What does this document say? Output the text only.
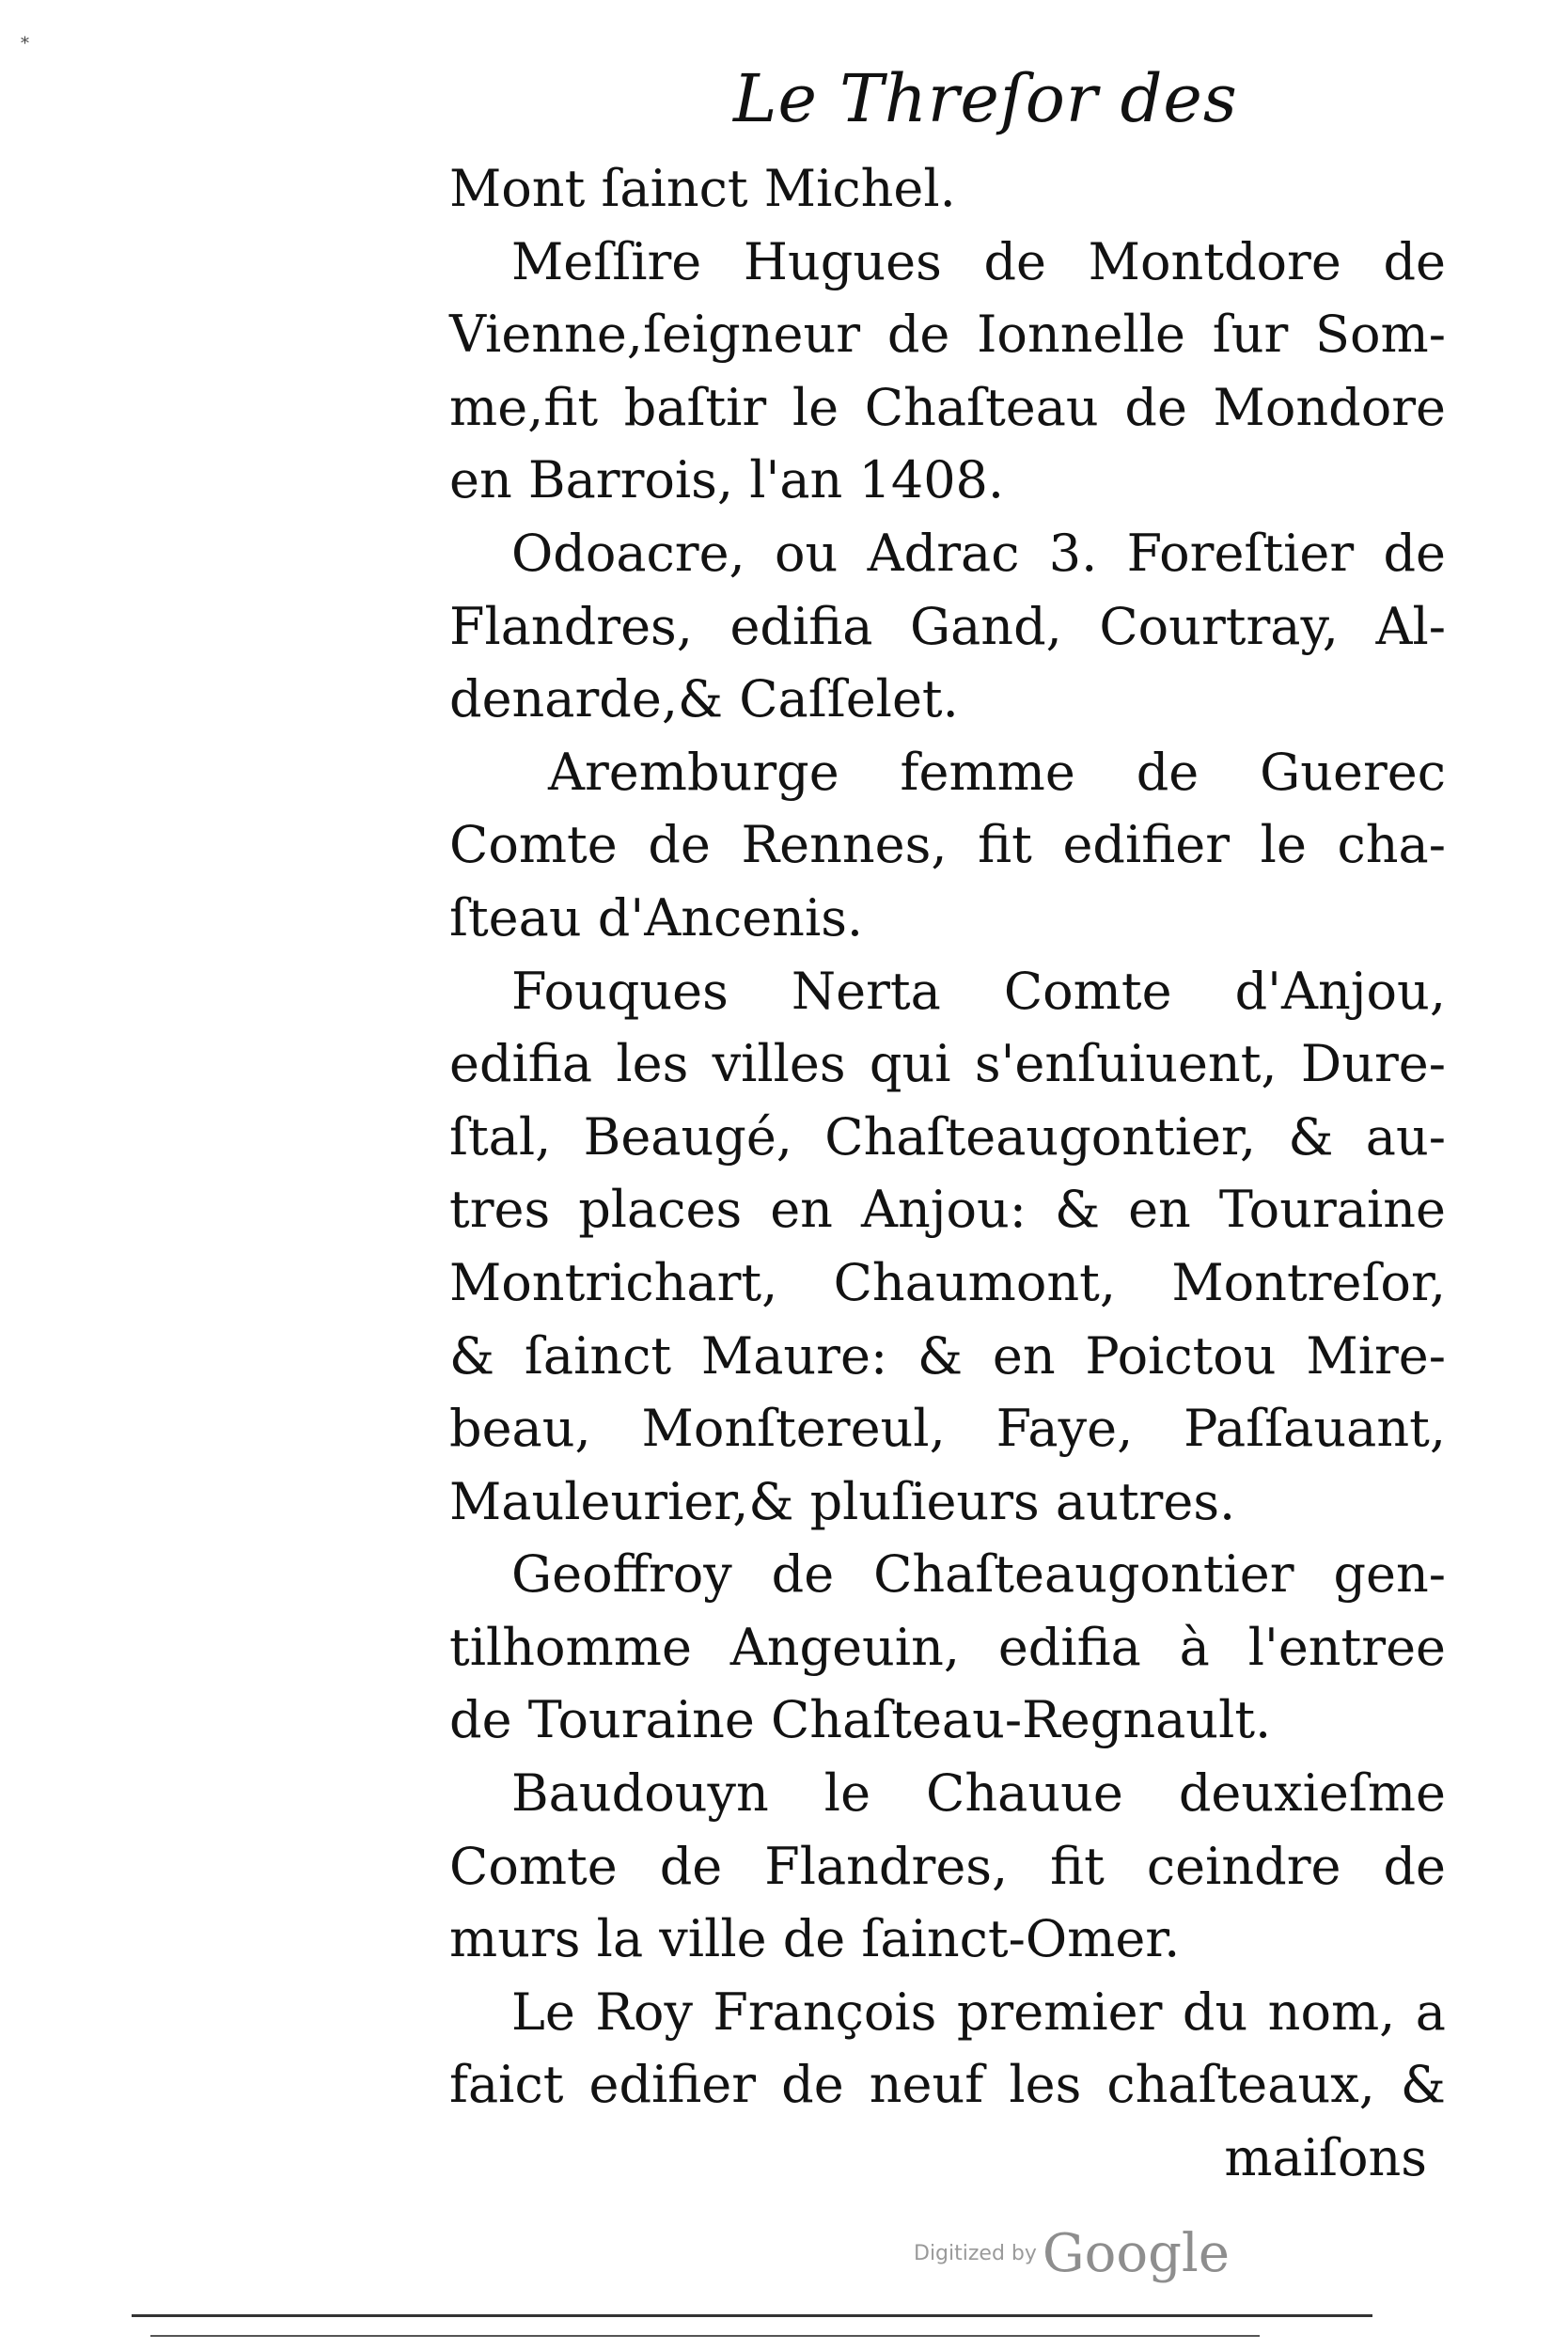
*
Le Threſor des
Mont ſainct Michel.
Meſſire Hugues de Montdore de
Vienne,ſeigneur de Ionnelle ſur Som-
me,fit baſtir le Chaſteau de Mondore
en Barrois, l'an 1408.
Odoacre, ou Adrac 3. Foreſtier de
Flandres, edifia Gand, Courtray, Al-
denarde,& Caſſelet.
Aremburge femme de Guerec
Comte de Rennes, fit edifier le cha-
ſteau d'Ancenis.
Fouques Nerta Comte d'Anjou,
edifia les villes qui s'enſuiuent, Dure-
ſtal, Beaugé, Chaſteaugontier, & au-
tres places en Anjou: & en Touraine
Montrichart, Chaumont, Montreſor,
& ſainct Maure: & en Poictou Mire-
beau, Monſtereul, Faye, Paſſauant,
Mauleurier,& pluſieurs autres.
Geoffroy de Chaſteaugontier gen-
tilhomme Angeuin, edifia à l'entree
de Touraine Chaſteau-Regnault.
Baudouyn le Chauue deuxieſme
Comte de Flandres, fit ceindre de
murs la ville de ſainct-Omer.
Le Roy François premier du nom, a
faict edifier de neuf les chaſteaux, &
maiſons
Digitized by Google
